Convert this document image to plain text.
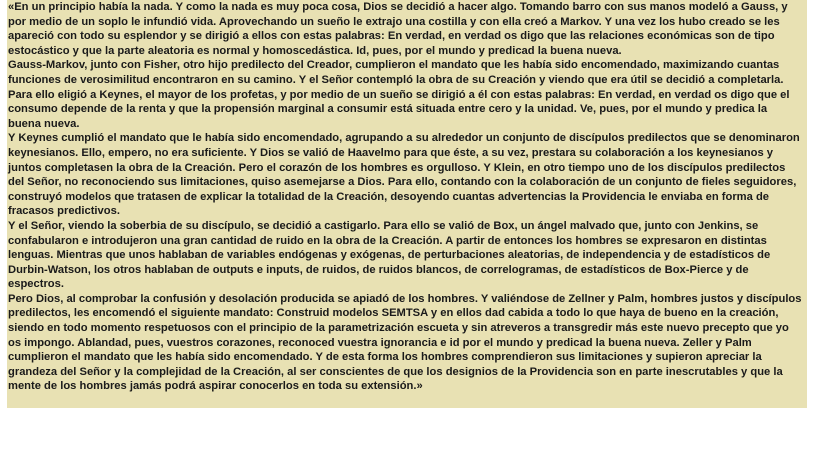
«En un principio había la nada. Y como la nada es muy poca cosa, Dios se decidió a hacer algo. Tomando barro con sus manos modeló a Gauss, y por medio de un soplo le infundió vida. Aprovechando un sueño le extrajo una costilla y con ella creó a Markov. Y una vez los hubo creado se les apareció con todo su esplendor y se dirigió a ellos con estas palabras: En verdad, en verdad os digo que las relaciones económicas son de tipo estocástico y que la parte aleatoria es normal y homoscedástica. Id, pues, por el mundo y predicad la buena nueva.

Gauss-Markov, junto con Fisher, otro hijo predilecto del Creador, cumplieron el mandato que les había sido encomendado, maximizando cuantas funciones de verosimilitud encontraron en su camino. Y el Señor contempló la obra de su Creación y viendo que era útil se decidió a completarla. Para ello eligió a Keynes, el mayor de los profetas, y por medio de un sueño se dirigió a él con estas palabras: En verdad, en verdad os digo que el consumo depende de la renta y que la propensión marginal a consumir está situada entre cero y la unidad. Ve, pues, por el mundo y predica la buena nueva.

Y Keynes cumplió el mandato que le había sido encomendado, agrupando a su alrededor un conjunto de discípulos predilectos que se denominaron keynesianos. Ello, empero, no era suficiente. Y Dios se valió de Haavelmo para que éste, a su vez, prestara su colaboración a los keynesianos y juntos completasen la obra de la Creación. Pero el corazón de los hombres es orgulloso. Y Klein, en otro tiempo uno de los discípulos predilectos del Señor, no reconociendo sus limitaciones, quiso asemejarse a Dios. Para ello, contando con la colaboración de un conjunto de fieles seguidores, construyó modelos que tratasen de explicar la totalidad de la Creación, desoyendo cuantas advertencias la Providencia le enviaba en forma de fracasos predictivos.

Y el Señor, viendo la soberbia de su discípulo, se decidió a castigarlo. Para ello se valió de Box, un ángel malvado que, junto con Jenkins, se confabularon e introdujeron una gran cantidad de ruido en la obra de la Creación. A partir de entonces los hombres se expresaron en distintas lenguas. Mientras que unos hablaban de variables endógenas y exógenas, de perturbaciones aleatorias, de independencia y de estadísticos de Durbin-Watson, los otros hablaban de outputs e inputs, de ruidos, de ruidos blancos, de correlogramas, de estadísticos de Box-Pierce y de espectros.

Pero Dios, al comprobar la confusión y desolación producida se apiadó de los hombres. Y valiéndose de Zellner y Palm, hombres justos y discípulos predilectos, les encomendó el siguiente mandato: Construid modelos SEMTSA y en ellos dad cabida a todo lo que haya de bueno en la creación, siendo en todo momento respetuosos con el principio de la parametrización escueta y sin atreveros a transgredir más este nuevo precepto que yo os impongo. Ablandad, pues, vuestros corazones, reconoced vuestra ignorancia e id por el mundo y predicad la buena nueva. Zeller y Palm cumplieron el mandato que les había sido encomendado. Y de esta forma los hombres comprendieron sus limitaciones y supieron apreciar la grandeza del Señor y la complejidad de la Creación, al ser conscientes de que los designios de la Providencia son en parte inescrutables y que la mente de los hombres jamás podrá aspirar conocerlos en toda su extensión.»
